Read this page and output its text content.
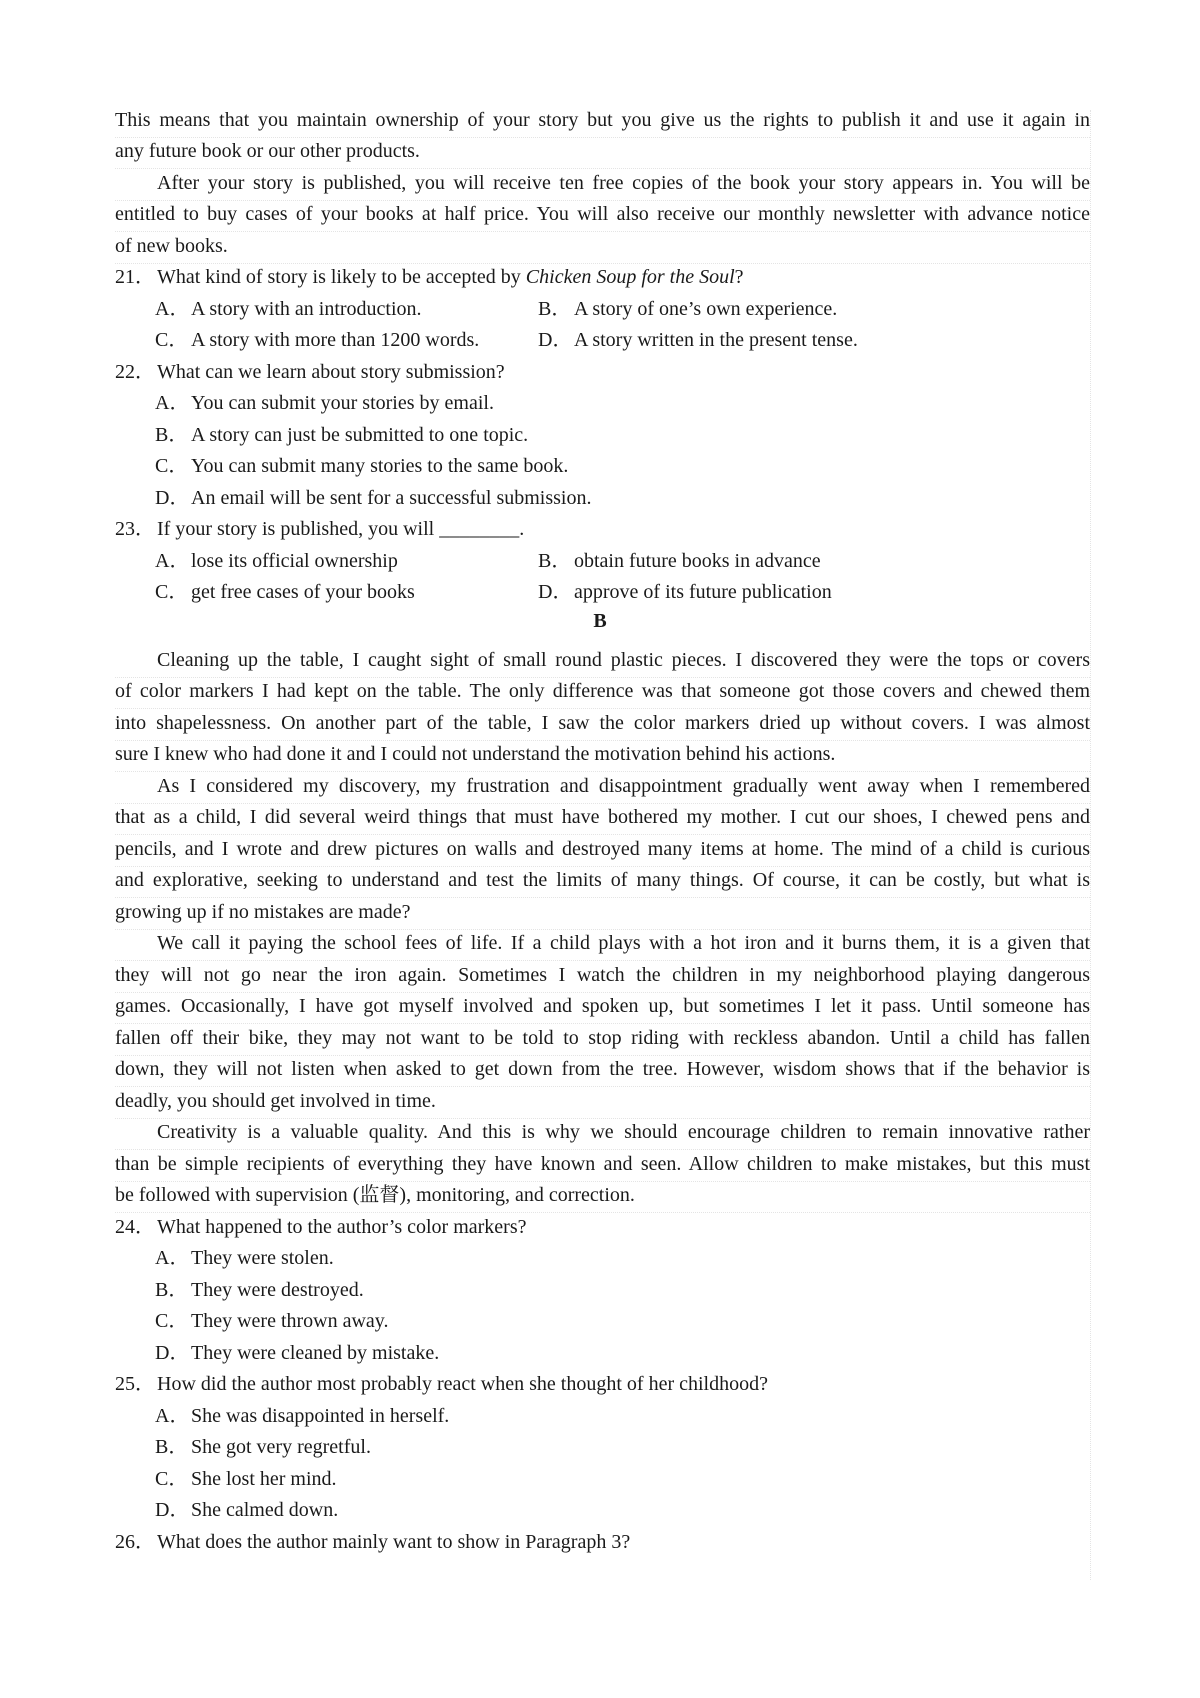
This means that you maintain ownership of your story but you give us the rights to publish it and use it again in
any future book or our other products.
After your story is published, you will receive ten free copies of the book your story appears in. You will be
entitled to buy cases of your books at half price. You will also receive our monthly newsletter with advance notice
of new books.
21． What kind of story is likely to be accepted by Chicken Soup for the Soul?
A．A story with an introduction.	B． A story of one’s own experience.
C． A story with more than 1200 words.	D．A story written in the present tense.
22． What can we learn about story submission?
A．You can submit your stories by email.
B． A story can just be submitted to one topic.
C． You can submit many stories to the same book.
D．An email will be sent for a successful submission.
23． If your story is published, you will ________.
A．lose its official ownership	B． obtain future books in advance
C． get free cases of your books	D．approve of its future publication
B
Cleaning up the table, I caught sight of small round plastic pieces. I discovered they were the tops or covers
of color markers I had kept on the table. The only difference was that someone got those covers and chewed them
into shapelessness. On another part of the table, I saw the color markers dried up without covers. I was almost
sure I knew who had done it and I could not understand the motivation behind his actions.
As I considered my discovery, my frustration and disappointment gradually went away when I remembered
that as a child, I did several weird things that must have bothered my mother. I cut our shoes, I chewed pens and
pencils, and I wrote and drew pictures on walls and destroyed many items at home. The mind of a child is curious
and explorative, seeking to understand and test the limits of many things. Of course, it can be costly, but what is
growing up if no mistakes are made?
We call it paying the school fees of life. If a child plays with a hot iron and it burns them, it is a given that
they will not go near the iron again. Sometimes I watch the children in my neighborhood playing dangerous
games. Occasionally, I have got myself involved and spoken up, but sometimes I let it pass. Until someone has
fallen off their bike, they may not want to be told to stop riding with reckless abandon. Until a child has fallen
down, they will not listen when asked to get down from the tree. However, wisdom shows that if the behavior is
deadly, you should get involved in time.
Creativity is a valuable quality. And this is why we should encourage children to remain innovative rather
than be simple recipients of everything they have known and seen. Allow children to make mistakes, but this must
be followed with supervision (监督), monitoring, and correction.
24． What happened to the author’s color markers?
A．They were stolen.
B． They were destroyed.
C． They were thrown away.
D．They were cleaned by mistake.
25． How did the author most probably react when she thought of her childhood?
A．She was disappointed in herself.
B． She got very regretful.
C． She lost her mind.
D．She calmed down.
26． What does the author mainly want to show in Paragraph 3?
